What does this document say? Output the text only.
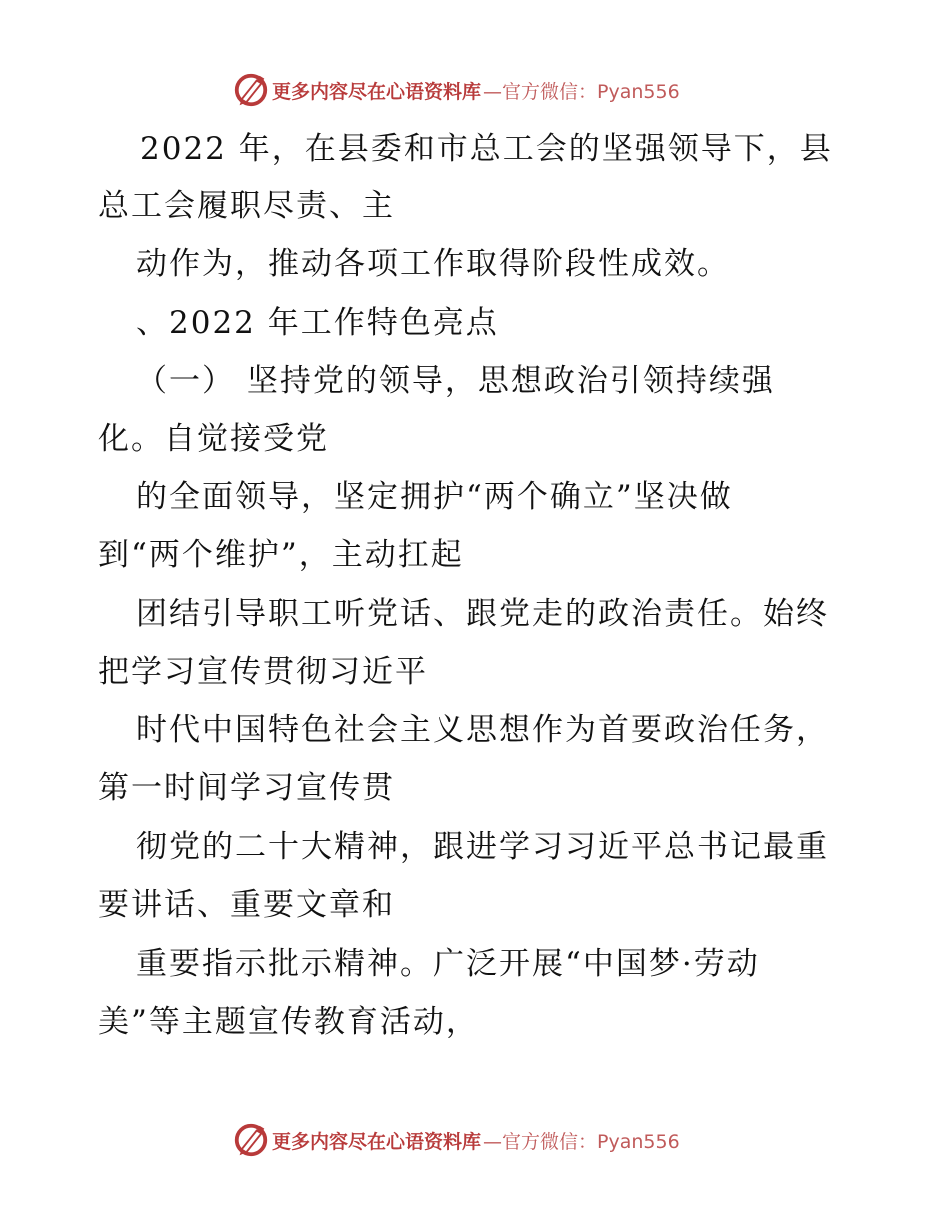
更多内容尽在心语资料库 —官方微信：Pyan556
2022 年，在县委和市总工会的坚强领导下，县
总工会履职尽责、主
动作为，推动各项工作取得阶段性成效。
、2022 年工作特色亮点
（一） 坚持党的领导，思想政治引领持续强
化。自觉接受党
的全面领导，坚定拥护“两个确立”坚决做
到“两个维护”，主动扛起
团结引导职工听党话、跟党走的政治责任。始终
把学习宣传贯彻习近平
时代中国特色社会主义思想作为首要政治任务，
第一时间学习宣传贯
彻党的二十大精神，跟进学习习近平总书记最重
要讲话、重要文章和
重要指示批示精神。广泛开展“中国梦·劳动
美”等主题宣传教育活动，
更多内容尽在心语资料库 —官方微信：Pyan556
